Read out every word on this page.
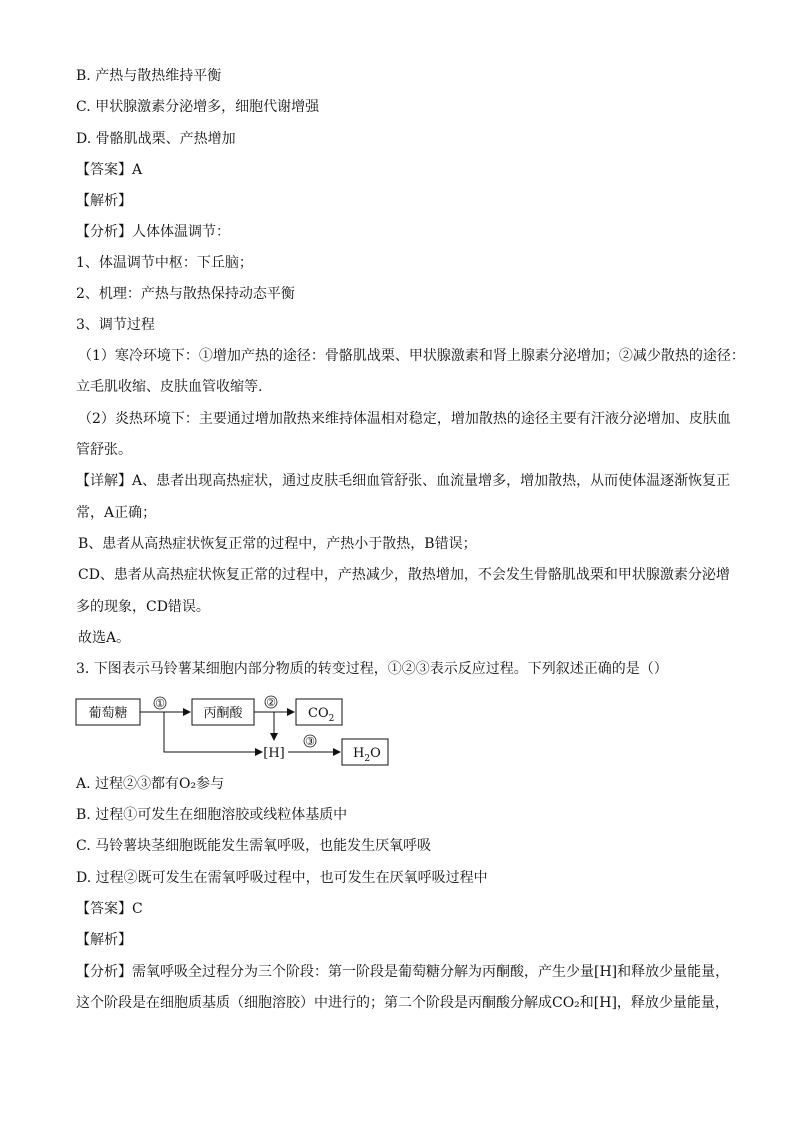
B. 产热与散热维持平衡
C. 甲状腺激素分泌增多，细胞代谢增强
D. 骨骼肌战栗、产热增加
【答案】A
【解析】
【分析】人体体温调节：
1、体温调节中枢：下丘脑；
2、机理：产热与散热保持动态平衡
3、调节过程
（1）寒冷环境下：①增加产热的途径：骨骼肌战栗、甲状腺激素和肾上腺素分泌增加；②减少散热的途径：
立毛肌收缩、皮肤血管收缩等.
（2）炎热环境下：主要通过增加散热来维持体温相对稳定，增加散热的途径主要有汗液分泌增加、皮肤血
管舒张。
【详解】A、患者出现高热症状，通过皮肤毛细血管舒张、血流量增多，增加散热，从而使体温逐渐恢复正
常，A正确；
B、患者从高热症状恢复正常的过程中，产热小于散热，B错误；
CD、患者从高热症状恢复正常的过程中，产热减少，散热增加，不会发生骨骼肌战栗和甲状腺激素分泌增
多的现象，CD错误。
故选A。
3. 下图表示马铃薯某细胞内部分物质的转变过程，①②③表示反应过程。下列叙述正确的是（）
葡萄糖
①
丙酮酸
②
$CO_2$
[H]
③
$H_2O$
A. 过程②③都有O₂参与
B. 过程①可发生在细胞溶胶或线粒体基质中
C. 马铃薯块茎细胞既能发生需氧呼吸，也能发生厌氧呼吸
D. 过程②既可发生在需氧呼吸过程中，也可发生在厌氧呼吸过程中
【答案】C
【解析】
【分析】需氧呼吸全过程分为三个阶段：第一阶段是葡萄糖分解为丙酮酸，产生少量[H]和释放少量能量，
这个阶段是在细胞质基质（细胞溶胶）中进行的；第二个阶段是丙酮酸分解成CO₂和[H]，释放少量能量，
